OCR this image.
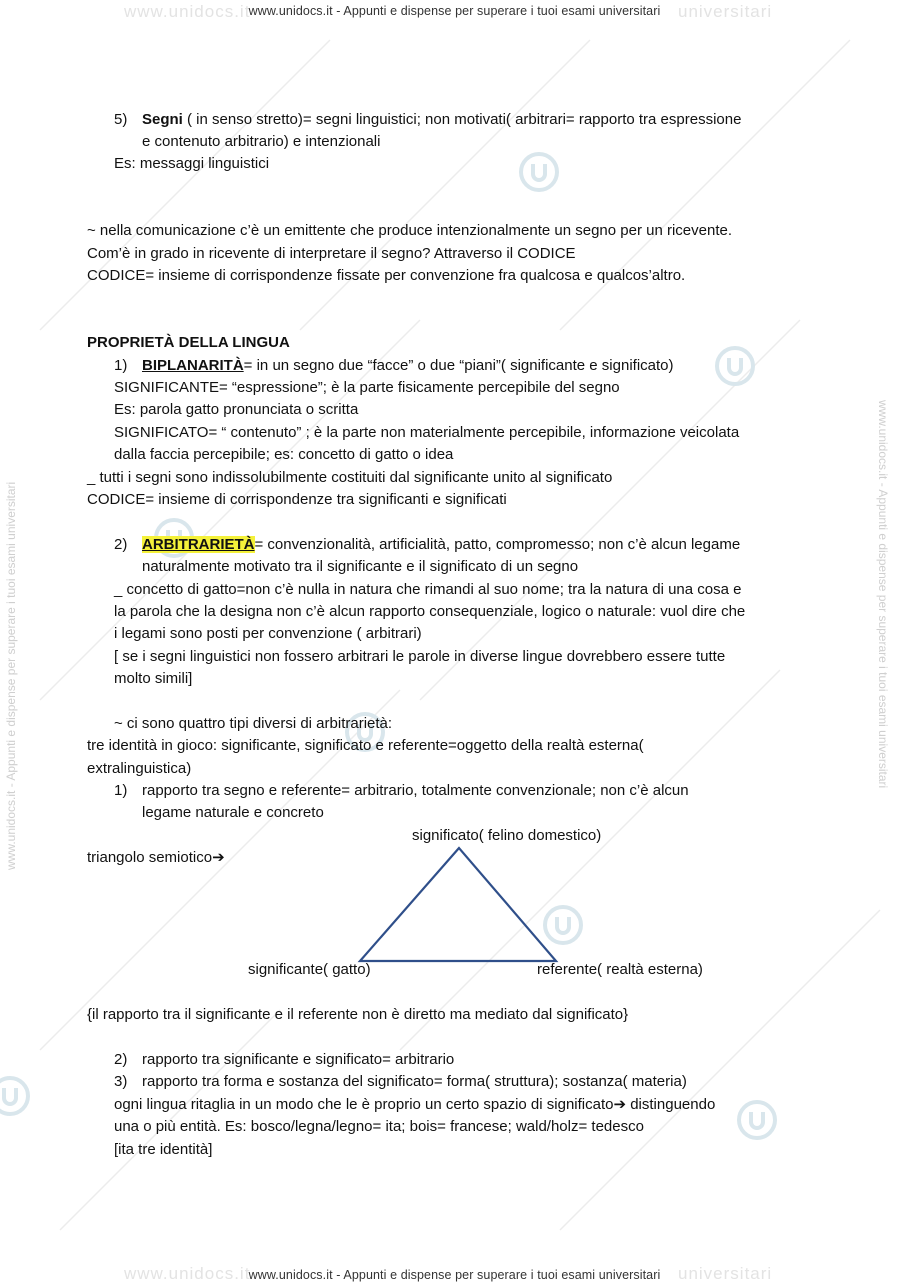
www.unidocs.it	universitari
www.unidocs.it	universitari
www.unidocs.it - Appunti e dispense per superare i tuoi esami universitari
www.unidocs.it - Appunti e dispense per superare i tuoi esami universitari
www.unidocs.it - Appunti e dispense per superare i tuoi esami universitari	www.unidocs.it - Appunti e dispense per superare i tuoi esami universitari
5) Segni ( in senso stretto)= segni linguistici; non motivati( arbitrari= rapporto tra espressione
e contenuto arbitrario) e intenzionali
Es: messaggi linguistici
~ nella comunicazione c’è un emittente che produce intenzionalmente un segno per un ricevente.
Com’è in grado in ricevente di interpretare il segno? Attraverso il CODICE
CODICE= insieme di corrispondenze fissate per convenzione fra qualcosa e qualcos’altro.
PROPRIETÀ DELLA LINGUA
1) BIPLANARITÀ= in un segno due “facce” o due “piani”( significante e significato)
SIGNIFICANTE= “espressione”; è la parte fisicamente percepibile del segno
Es: parola gatto pronunciata o scritta
SIGNIFICATO= “ contenuto” ; è la parte non materialmente percepibile, informazione veicolata
dalla faccia percepibile; es: concetto di gatto o idea
_ tutti i segni sono indissolubilmente costituiti dal significante unito al significato
CODICE= insieme di corrispondenze tra significanti e significati
2) ARBITRARIETÀ= convenzionalità, artificialità, patto, compromesso; non c’è alcun legame
naturalmente motivato tra il significante e il significato di un segno
_ concetto di gatto=non c’è nulla in natura che rimandi al suo nome; tra la natura di una cosa e
la parola che la designa non c’è alcun rapporto consequenziale, logico o naturale: vuol dire che
i legami sono posti per convenzione ( arbitrari)
[ se i segni linguistici non fossero arbitrari le parole in diverse lingue dovrebbero essere tutte
molto simili]
~ ci sono quattro tipi diversi di arbitrarietà:
tre identità in gioco: significante, significato e referente=oggetto della realtà esterna(
extralinguistica)
1) rapporto tra segno e referente= arbitrario, totalmente convenzionale; non c’è alcun
legame naturale e concreto
significato( felino domestico)
triangolo semiotico➔
significante( gatto)	referente( realtà esterna)
{il rapporto tra il significante e il referente non è diretto ma mediato dal significato}
2) rapporto tra significante e significato= arbitrario
3) rapporto tra forma e sostanza del significato= forma( struttura); sostanza( materia)
ogni lingua ritaglia in un modo che le è proprio un certo spazio di significato➔ distinguendo
una o più entità. Es: bosco/legna/legno= ita; bois= francese; wald/holz= tedesco
[ita tre identità]
